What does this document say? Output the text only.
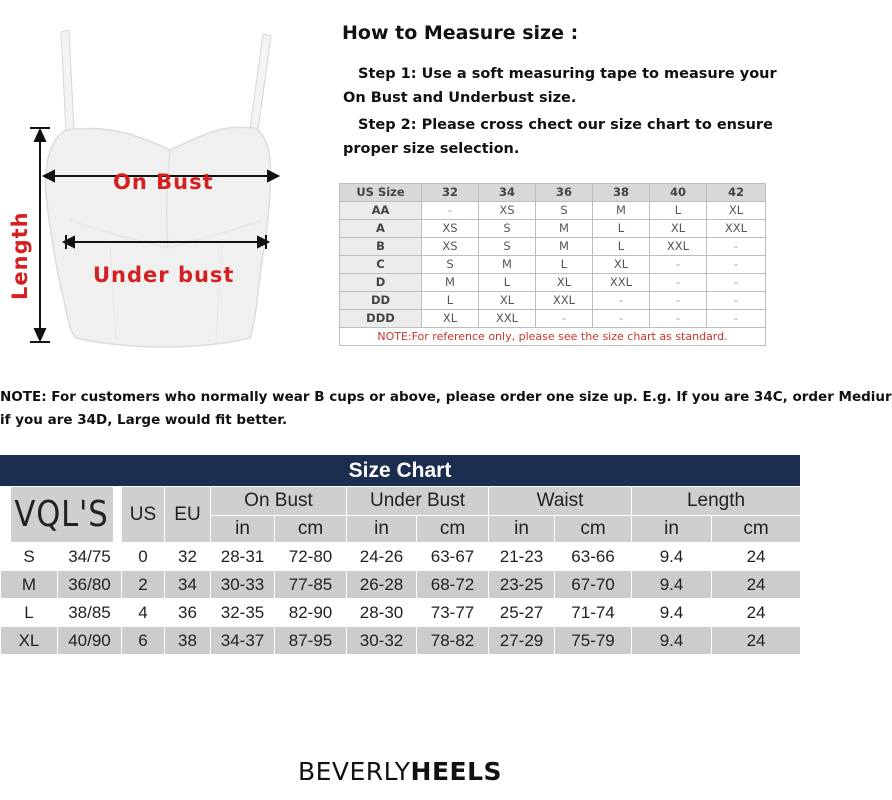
On Bust
Under bust
Length
How to Measure size :
Step 1: Use a soft measuring tape to measure your
On Bust and Underbust size.
Step 2: Please cross chect our size chart to ensure
proper size selection.
US Size	32	34	36	38	40	42
AA	-	XS	S	M	L	XL
A	XS	S	M	L	XL	XXL
B	XS	S	M	L	XXL	-
C	S	M	L	XL	-	-
D	M	L	XL	XXL	-	-
DD	L	XL	XXL	-	-	-
DDD	XL	XXL	-	-	-	-
NOTE:For reference only, please see the size chart as standard.						
NOTE: For customers who normally wear B cups or above, please order one size up. E.g. If you are 34C, order Mediur
if you are 34D, Large would fit better.
Size Chart
VQL'S		US	EU	On Bust		Under Bust		Waist		Length	
				in	cm	in	cm	in	cm	in	cm
S	34/75	0	32	28-31	72-80	24-26	63-67	21-23	63-66	9.4	24
M	36/80	2	34	30-33	77-85	26-28	68-72	23-25	67-70	9.4	24
L	38/85	4	36	32-35	82-90	28-30	73-77	25-27	71-74	9.4	24
XL	40/90	6	38	34-37	87-95	30-32	78-82	27-29	75-79	9.4	24
BEVERLYHEELS
